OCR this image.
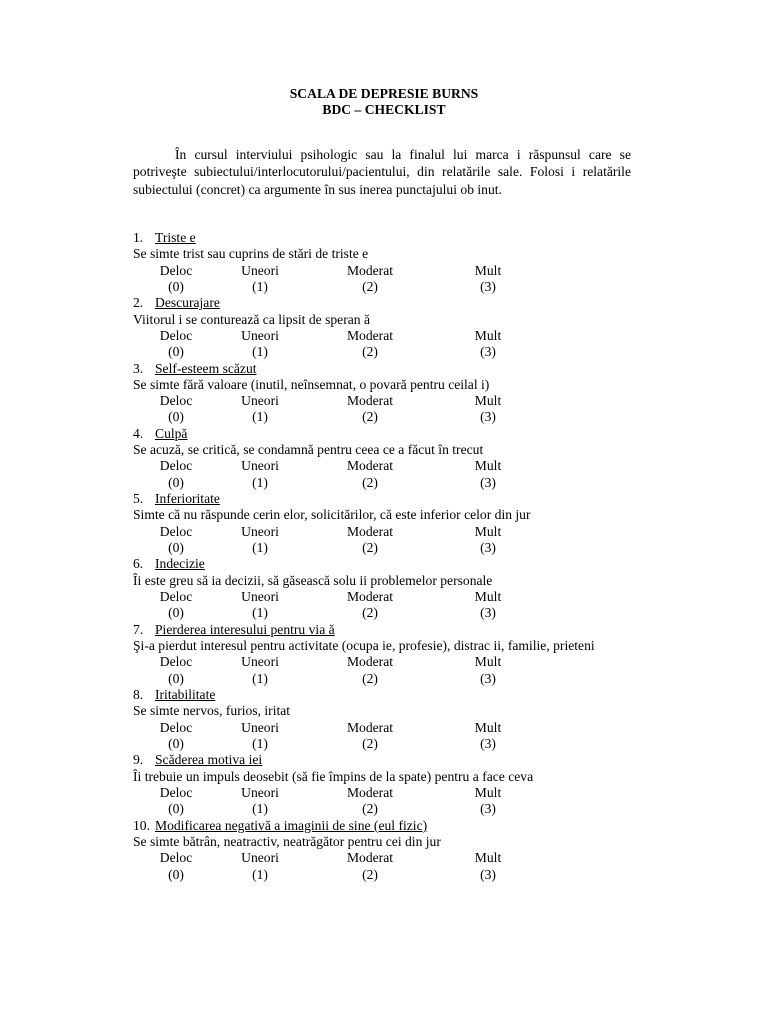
SCALA DE DEPRESIE BURNS
BDC – CHECKLIST
În cursul interviului psihologic sau la finalul lui marca i răspunsul care se potriveşte subiectului/interlocutorului/pacientului, din relatările sale. Folosi i relatările subiectului (concret) ca argumente în sus inerea punctajului ob inut.
1. Triste e
Se simte trist sau cuprins de stări de triste e
Deloc	Uneori	Moderat	Mult
(0)	(1)	(2)	(3)
2. Descurajare
Viitorul i se conturează ca lipsit de speran ă
Deloc	Uneori	Moderat	Mult
(0)	(1)	(2)	(3)
3. Self-esteem scăzut
Se simte fără valoare (inutil, neînsemnat, o povară pentru ceilal i)
Deloc	Uneori	Moderat	Mult
(0)	(1)	(2)	(3)
4. Culpă
Se acuză, se critică, se condamnă pentru ceea ce a făcut în trecut
Deloc	Uneori	Moderat	Mult
(0)	(1)	(2)	(3)
5. Inferioritate
Simte că nu răspunde cerin elor, solicitărilor, că este inferior celor din jur
Deloc	Uneori	Moderat	Mult
(0)	(1)	(2)	(3)
6. Indecizie
Îi este greu să ia decizii, să găsească solu ii problemelor personale
Deloc	Uneori	Moderat	Mult
(0)	(1)	(2)	(3)
7. Pierderea interesului pentru via ă
Şi-a pierdut interesul pentru activitate (ocupa ie, profesie), distrac ii, familie, prieteni
Deloc	Uneori	Moderat	Mult
(0)	(1)	(2)	(3)
8. Iritabilitate
Se simte nervos, furios, iritat
Deloc	Uneori	Moderat	Mult
(0)	(1)	(2)	(3)
9. Scăderea motiva iei
Îi trebuie un impuls deosebit (să fie împins de la spate) pentru a face ceva
Deloc	Uneori	Moderat	Mult
(0)	(1)	(2)	(3)
10. Modificarea negativă a imaginii de sine (eul fizic)
Se simte bătrân, neatractiv, neatrăgător pentru cei din jur
Deloc	Uneori	Moderat	Mult
(0)	(1)	(2)	(3)
